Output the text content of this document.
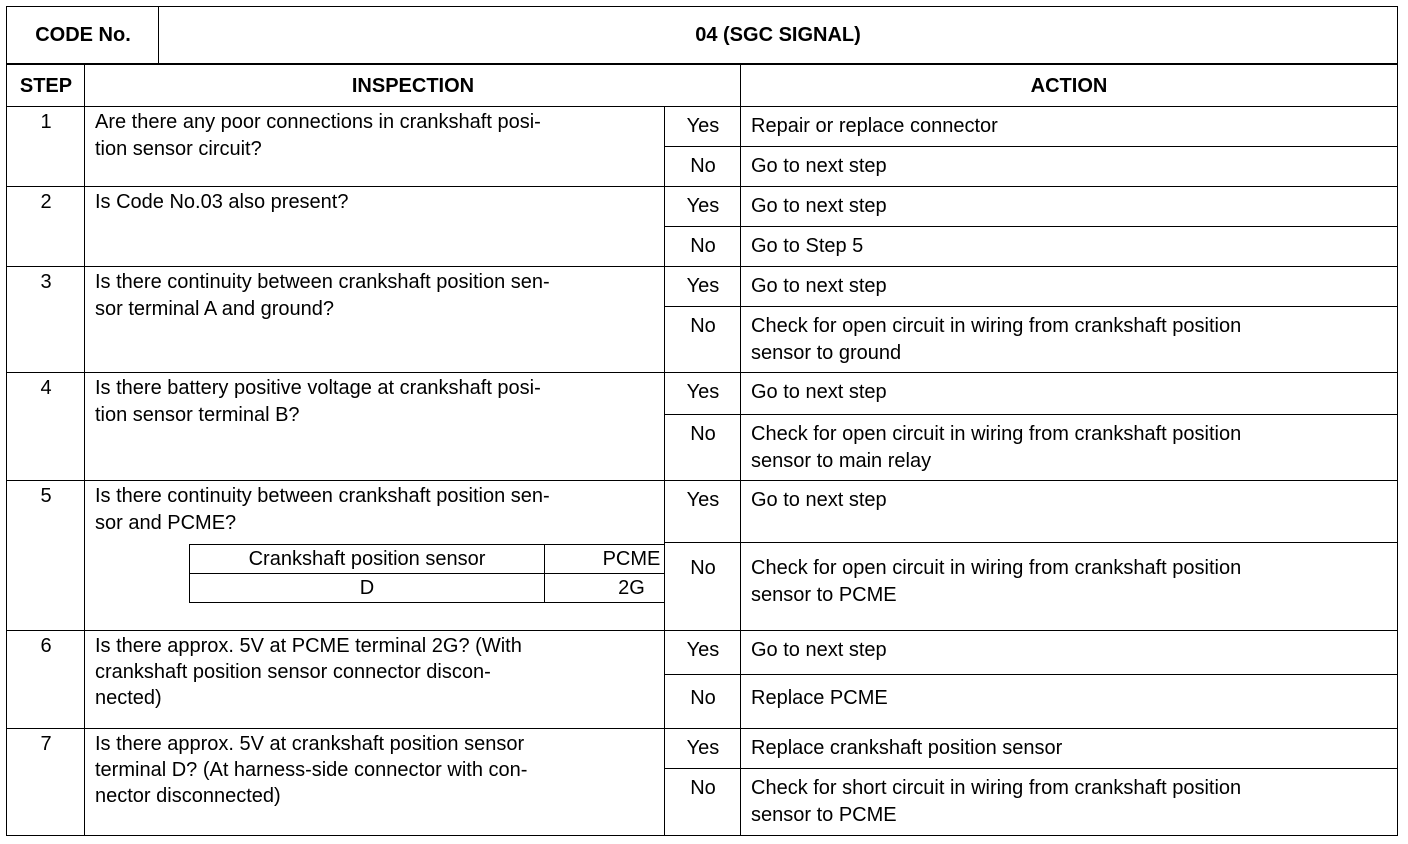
CODE No.	04 (SGC SIGNAL)
STEP	INSPECTION	ACTION
1	Are there any poor connections in crankshaft posi-
tion sensor circuit?
Yes	Repair or replace connector
No	Go to next step
2	Is Code No.03 also present?	Yes	Go to next step
No	Go to Step 5
3	Is there continuity between crankshaft position sen-
sor terminal A and ground?
Yes	Go to next step
No	Check for open circuit in wiring from crankshaft position
sensor to ground
4	Is there battery positive voltage at crankshaft posi-
tion sensor terminal B?
Yes	Go to next step
No	Check for open circuit in wiring from crankshaft position
sensor to main relay
5	Is there continuity between crankshaft position sen-
sor and PCME?
Crankshaft position sensor	PCME
D	2G
Yes	Go to next step
No	Check for open circuit in wiring from crankshaft position
sensor to PCME
6	Is there approx. 5V at PCME terminal 2G? (With
crankshaft position sensor connector discon-
nected)
Yes	Go to next step
No	Replace PCME
7	Is there approx. 5V at crankshaft position sensor
terminal D? (At harness-side connector with con-
nector disconnected)
Yes	Replace crankshaft position sensor
No	Check for short circuit in wiring from crankshaft position
sensor to PCME
